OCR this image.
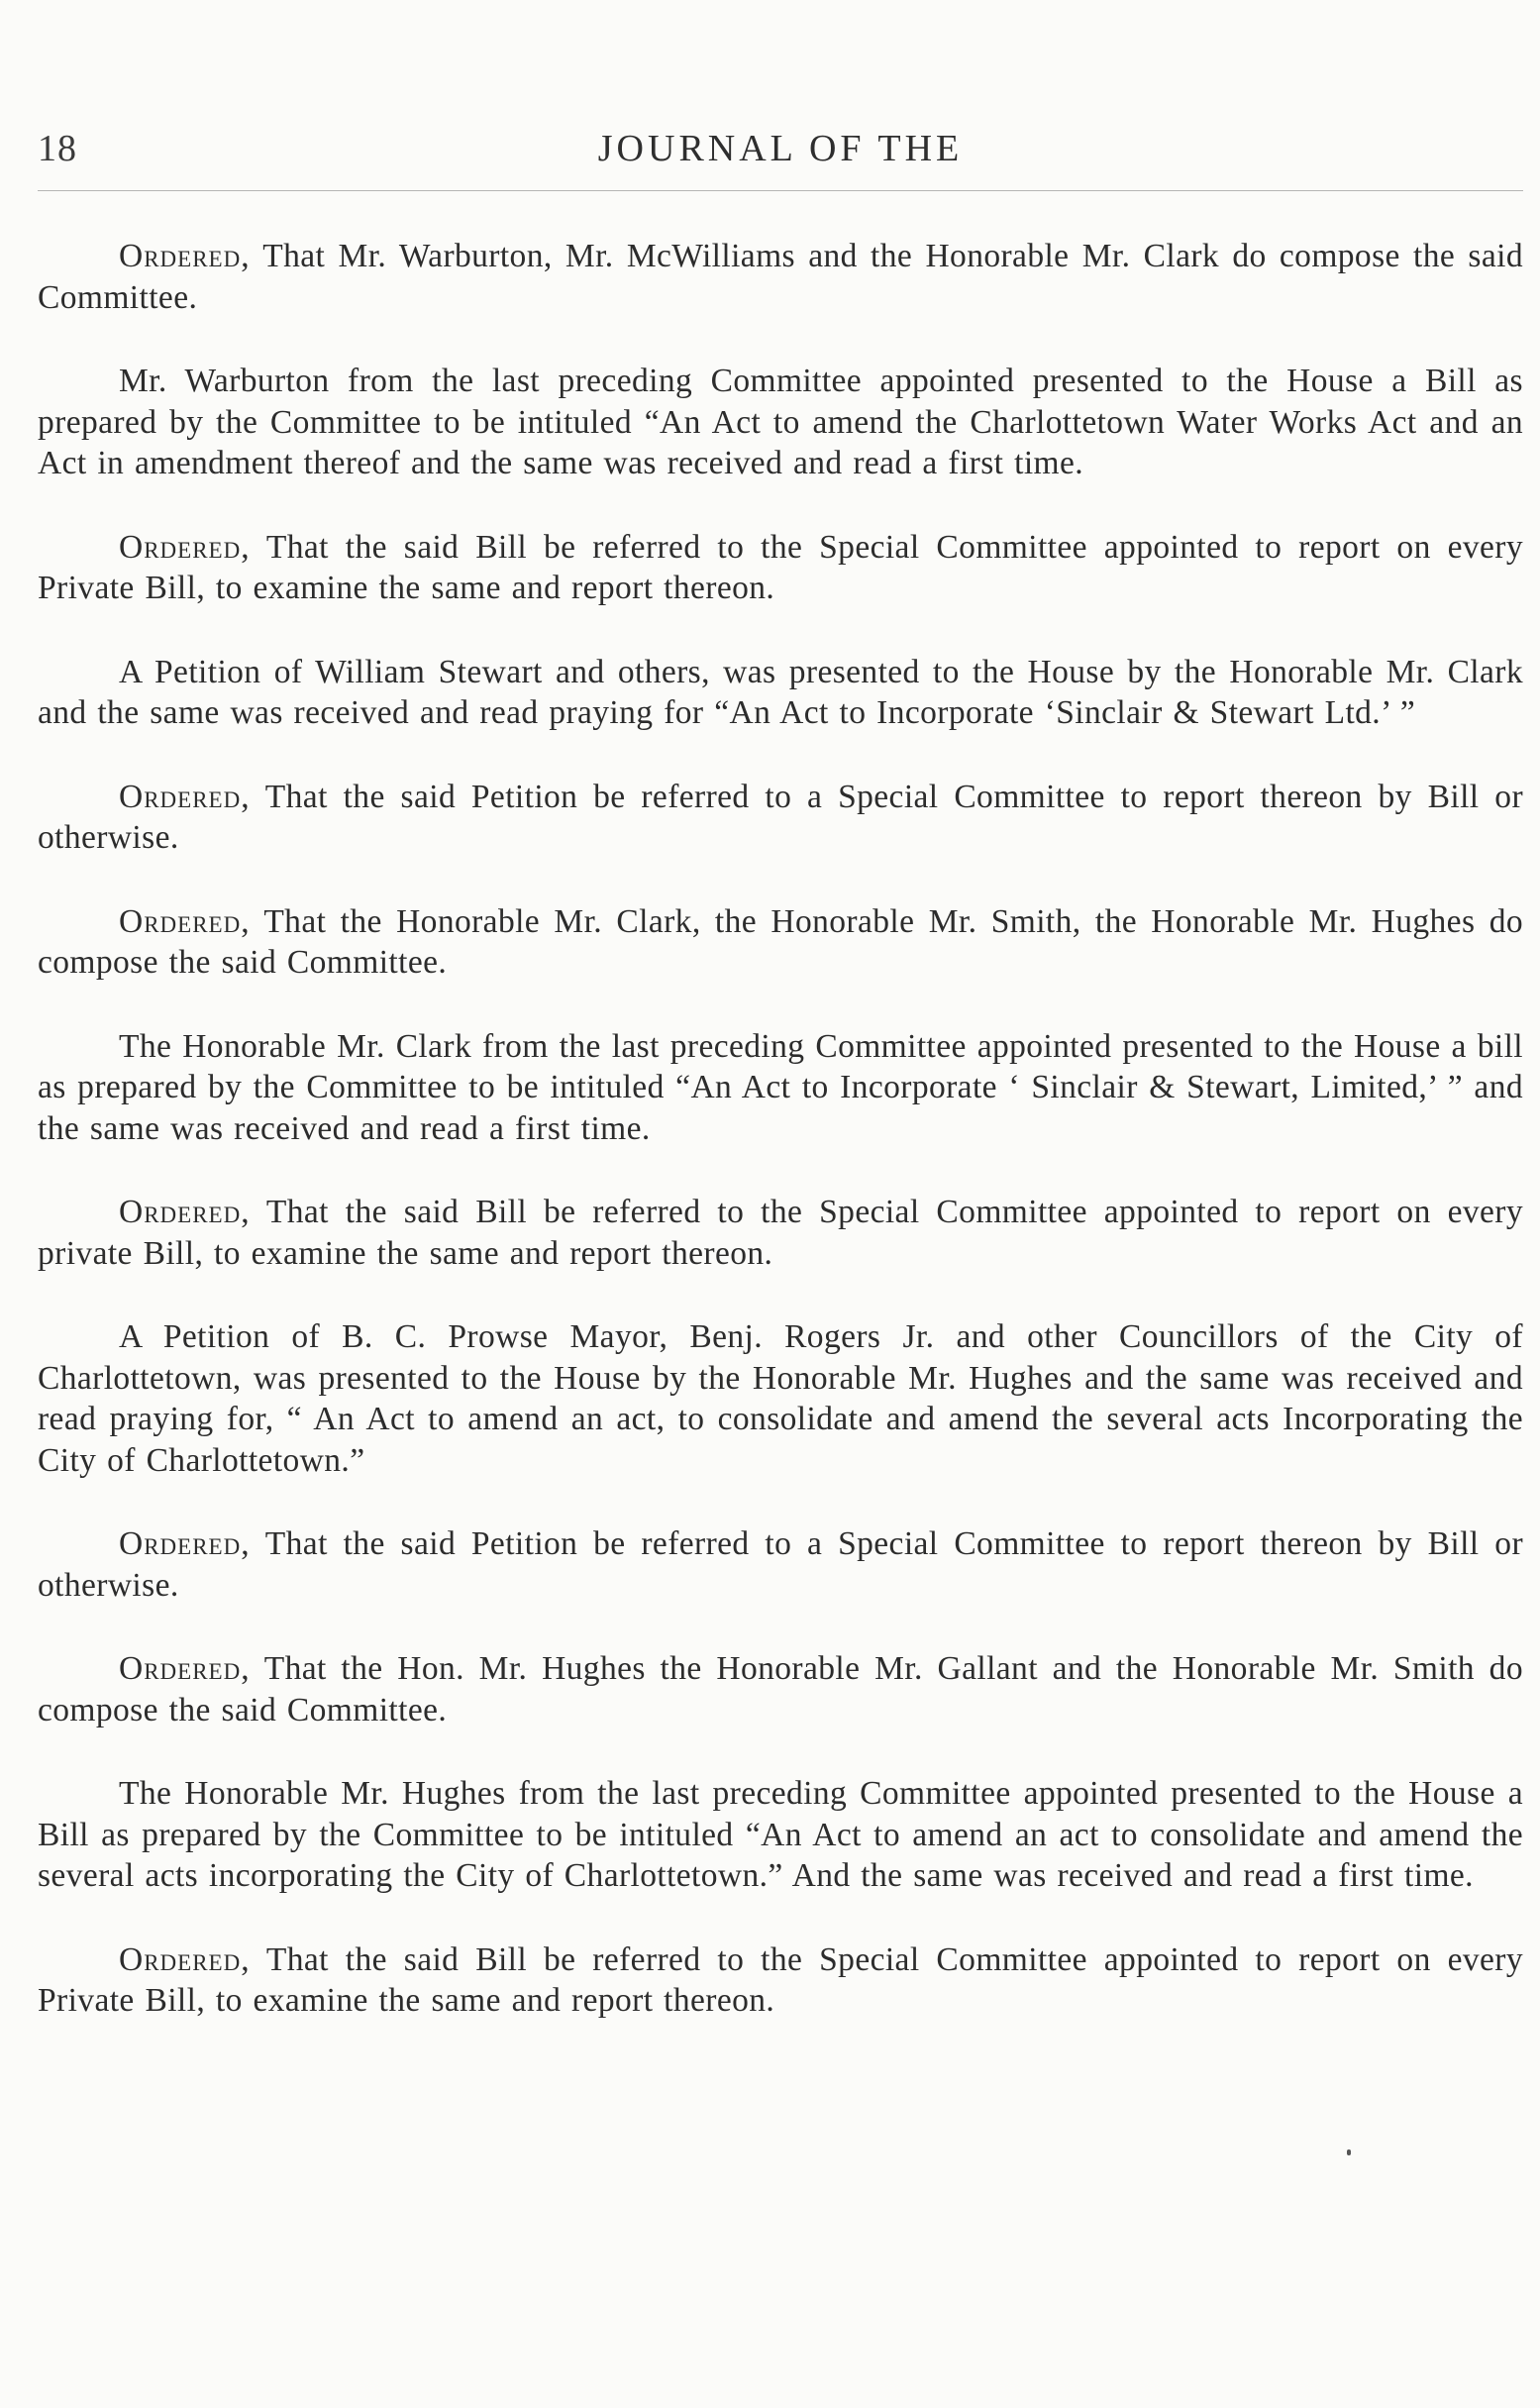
18	JOURNAL OF THE

Ordered, That Mr. Warburton, Mr. McWilliams and the Honorable Mr. Clark do compose the said Committee.

Mr. Warburton from the last preceding Committee appointed presented to the House a Bill as prepared by the Committee to be intituled “An Act to amend the Charlottetown Water Works Act and an Act in amendment thereof and the same was received and read a first time.

Ordered, That the said Bill be referred to the Special Committee appointed to report on every Private Bill, to examine the same and report thereon.

A Petition of William Stewart and others, was presented to the House by the Honorable Mr. Clark and the same was received and read praying for “An Act to Incorporate ‘Sinclair & Stewart Ltd.’ ”

Ordered, That the said Petition be referred to a Special Committee to report thereon by Bill or otherwise.

Ordered, That the Honorable Mr. Clark, the Honorable Mr. Smith, the Honorable Mr. Hughes do compose the said Committee.

The Honorable Mr. Clark from the last preceding Committee appointed presented to the House a bill as prepared by the Committee to be intituled “An Act to Incorporate ‘ Sinclair & Stewart, Limited,’ ” and the same was received and read a first time.

Ordered, That the said Bill be referred to the Special Committee appointed to report on every private Bill, to examine the same and report thereon.

A Petition of B. C. Prowse Mayor, Benj. Rogers Jr. and other Councillors of the City of Charlottetown, was presented to the House by the Honorable Mr. Hughes and the same was received and read praying for, “ An Act to amend an act, to consolidate and amend the several acts Incorporating the City of Charlottetown.”

Ordered, That the said Petition be referred to a Special Committee to report thereon by Bill or otherwise.

Ordered, That the Hon. Mr. Hughes the Honorable Mr. Gallant and the Honorable Mr. Smith do compose the said Committee.

The Honorable Mr. Hughes from the last preceding Committee appointed presented to the House a Bill as prepared by the Committee to be intituled “An Act to amend an act to consolidate and amend the several acts incorporating the City of Charlottetown.” And the same was received and read a first time.

Ordered, That the said Bill be referred to the Special Committee appointed to report on every Private Bill, to examine the same and report thereon.
